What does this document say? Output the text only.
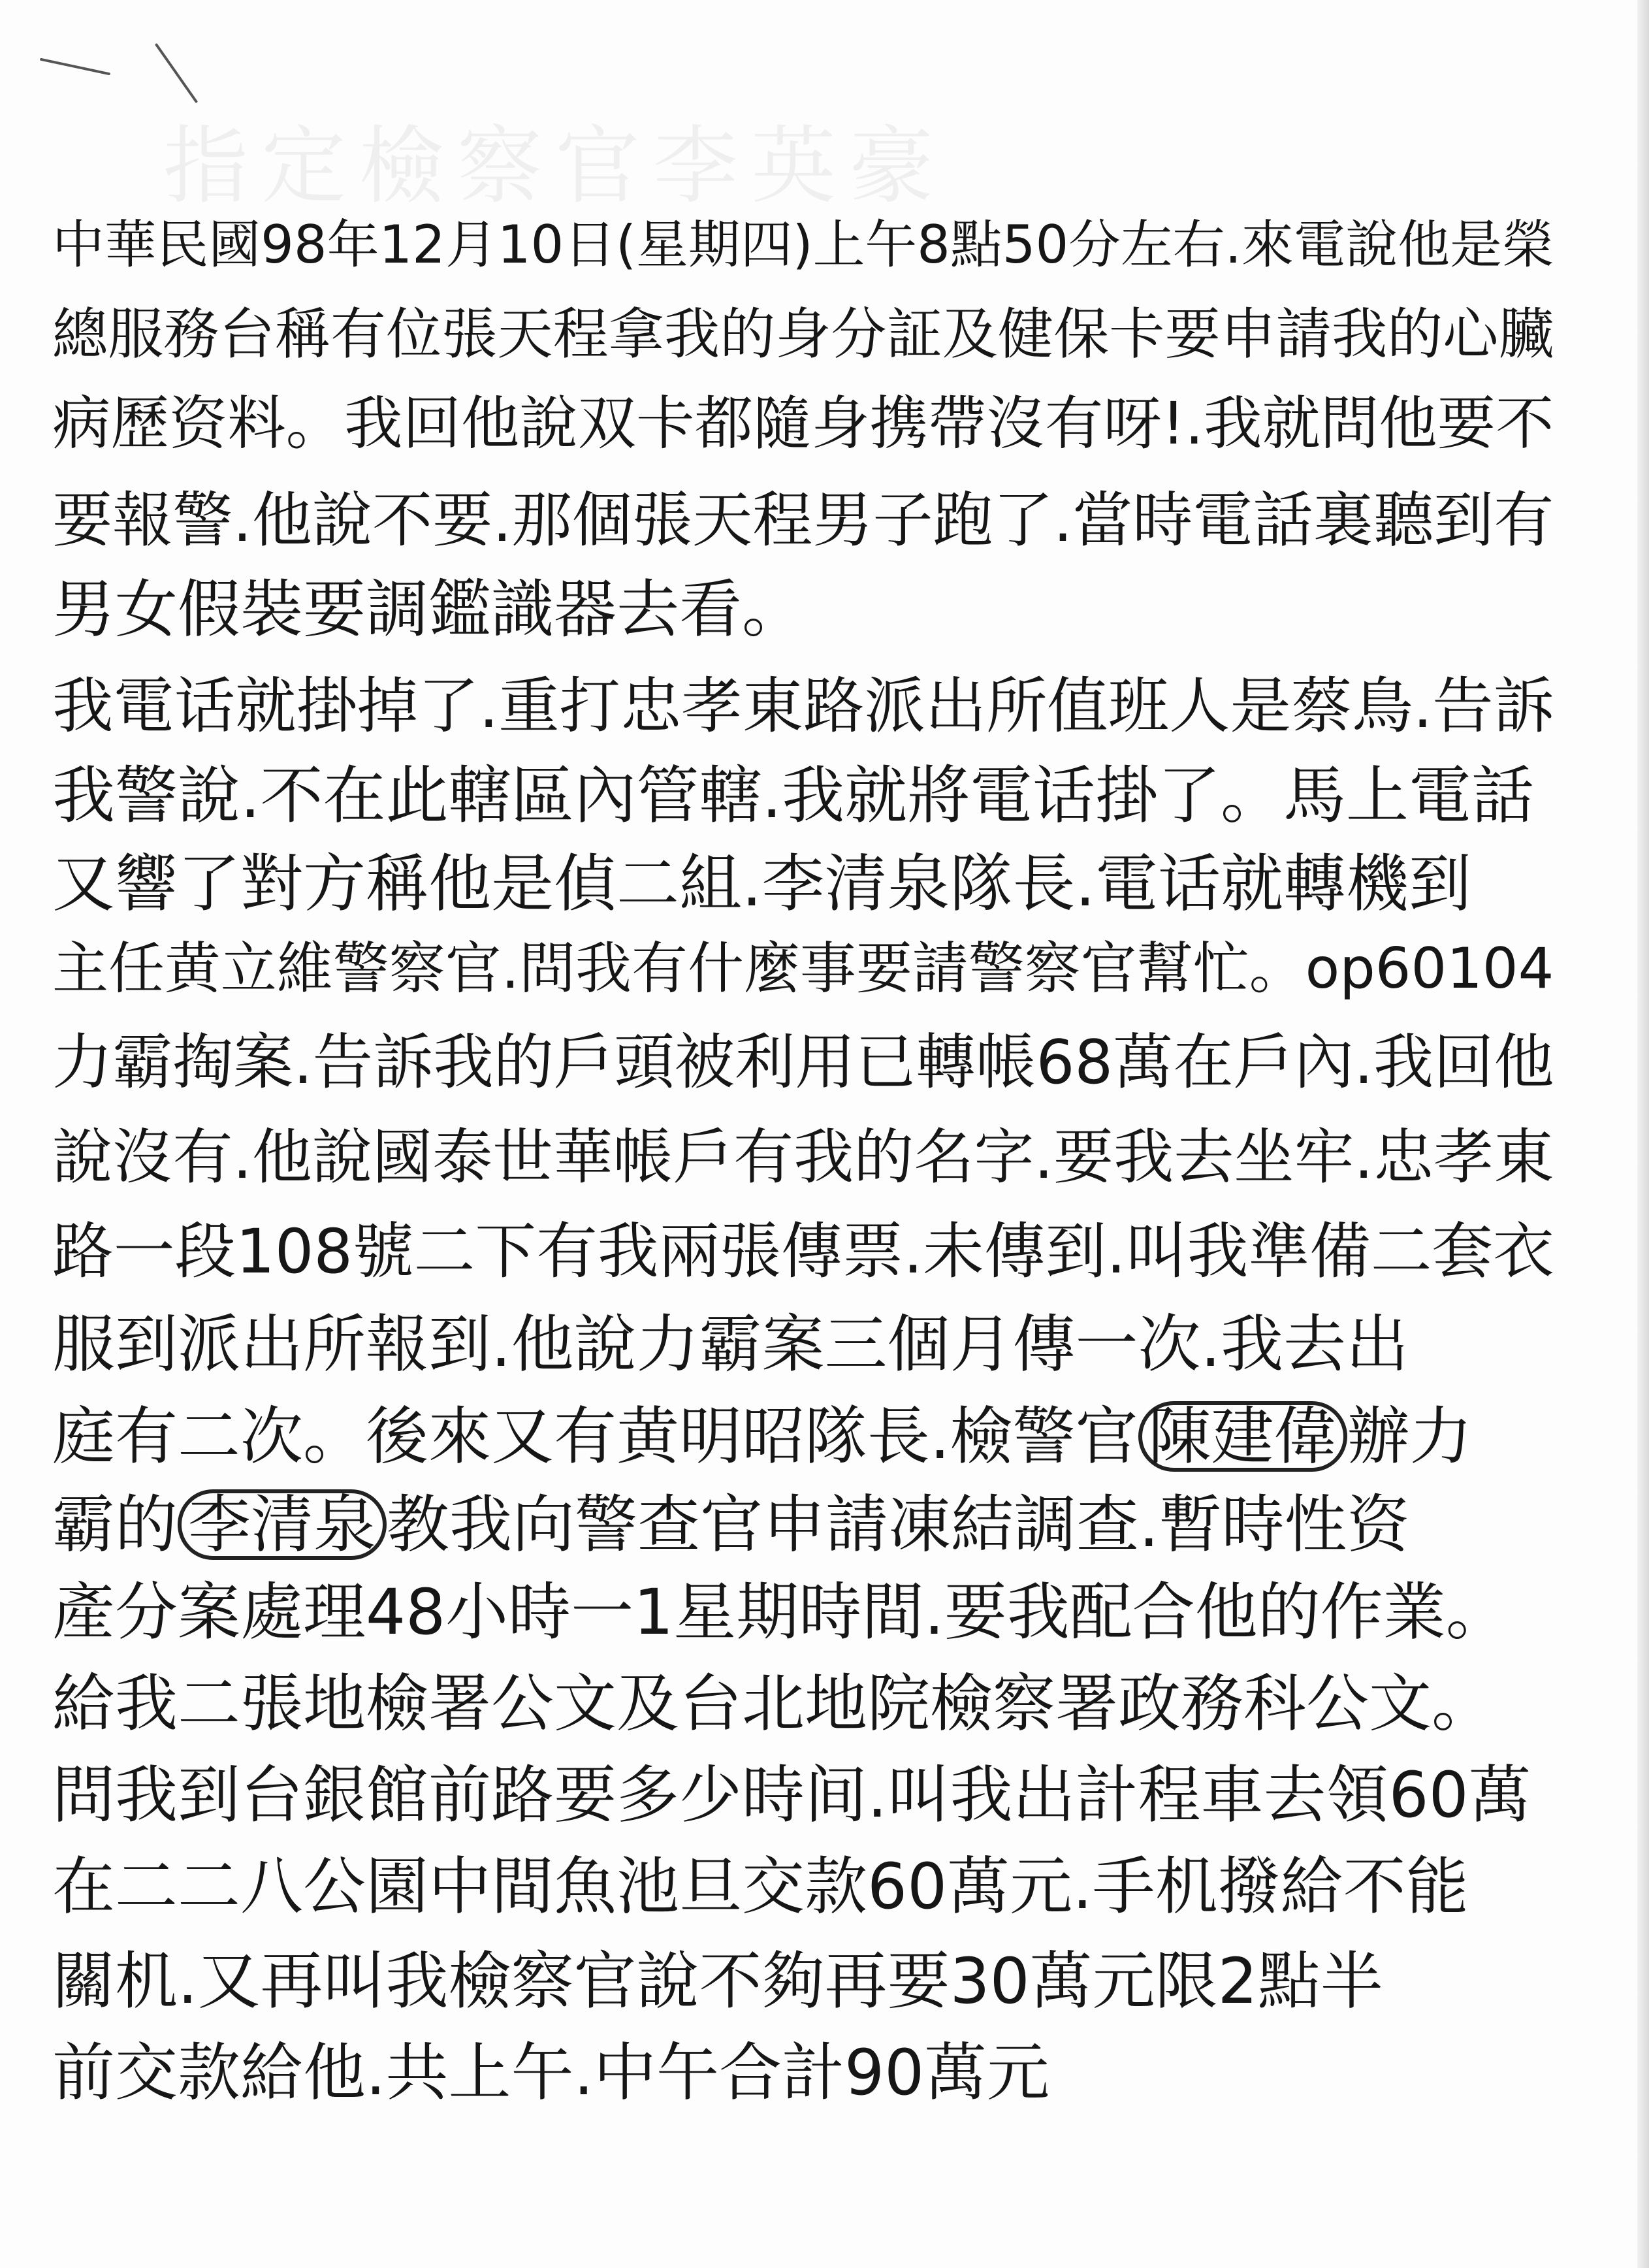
指定檢察官李英豪
中華民國98年12月10日(星期四)上午8點50分左右.來電說他是榮
總服務台稱有位張天程拿我的身分証及健保卡要申請我的心臟
病歷资料。我回他說双卡都隨身携帶沒有呀!.我就問他要不
要報警.他說不要.那個張天程男子跑了.當時電話裏聽到有
男女假裝要調鑑識器去看。
我電话就掛掉了.重打忠孝東路派出所值班人是蔡鳥.告訴
我警說.不在此轄區內管轄.我就將電话掛了。馬上電話
又響了對方稱他是偵二組.李清泉隊長.電话就轉機到
主任黄立維警察官.問我有什麼事要請警察官幫忙。op60104
力霸掏案.告訴我的戶頭被利用已轉帳68萬在戶內.我回他
說沒有.他說國泰世華帳戶有我的名字.要我去坐牢.忠孝東
路一段108號二下有我兩張傳票.未傳到.叫我準備二套衣
服到派出所報到.他說力霸案三個月傳一次.我去出
庭有二次。後來又有黄明昭隊長.檢警官 陳建偉 辦力
霸的 李清泉 教我向警查官申請凍結調查.暫時性资
產分案處理48小時一1星期時間.要我配合他的作業。
給我二張地檢署公文及台北地院檢察署政務科公文。
問我到台銀館前路要多少時间.叫我出計程車去領60萬
在二二八公園中間魚池旦交款60萬元.手机撥給不能
關机.又再叫我檢察官說不夠再要30萬元限2點半
前交款給他.共上午.中午合計90萬元
